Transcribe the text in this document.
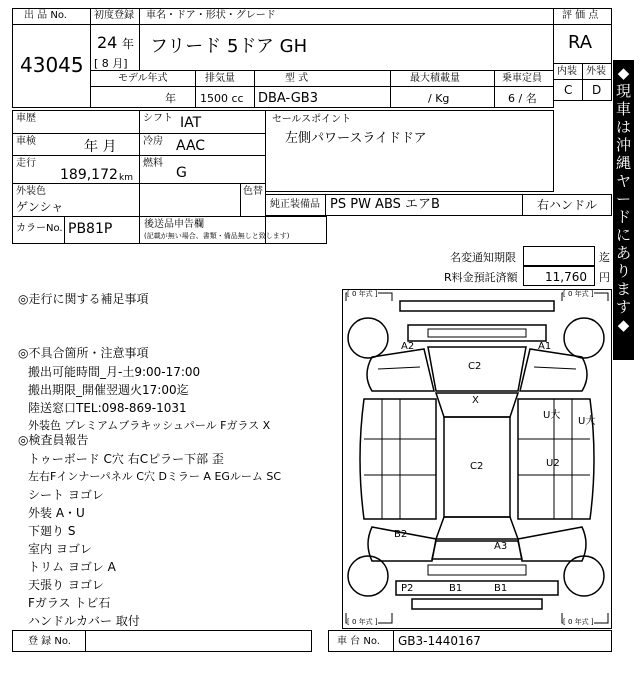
出 品 No.
43045
初度登録 車名・ドア・形状・グレード
24 年
[ 8 月]
フリード 5ドア GH
評 価 点
RA
内装 外装
C D
モデル年式
年
排気量
1500 cc
型 式
DBA-GB3
最大積載量
/ Kg
乗車定員
6 / 名
車歴	シフト IAT
車検	年 月	冷房 AAC
走行
189,172 km
燃料
G
外装色
ゲンシャ
色替
カラーNo. PB81P
セールスポイント
左側パワースライドドア
純正装備品 PS PW ABS エアB	右ハンドル
後送品申告欄
(記載が無い場合、書類・備品無しと致します)
名変通知期限	迄
R料金預託済額 11,760 円
◆現車は沖縄ヤードにあります◆
◎走行に関する補足事項
◎不具合箇所・注意事項
搬出可能時間_月-土9:00-17:00
搬出期限_開催翌週火17:00迄
陸送窓口TEL:098-869-1031
外装色 プレミアムブラキッシュパール Fガラス X
◎検査員報告
トゥーボード C穴 右Cピラー下部 歪
左右Fインナーパネル C穴 Dミラー A EGルーム SC
シート ヨゴレ
外装 A・U
下廻り S
室内 ヨゴレ
トリム ヨゴレ A
天張り ヨゴレ
Fガラス トビ石
ハンドルカバー 取付
[ 0 年式 ]	[ 0 年式 ]
[ 0 年式 ]	[ 0 年式 ]
A2	A1
C2
X
U大
U大
C2	U2
B2
A3
P2	B1	B1
登 録 No.	車 台 No. GB3-1440167
